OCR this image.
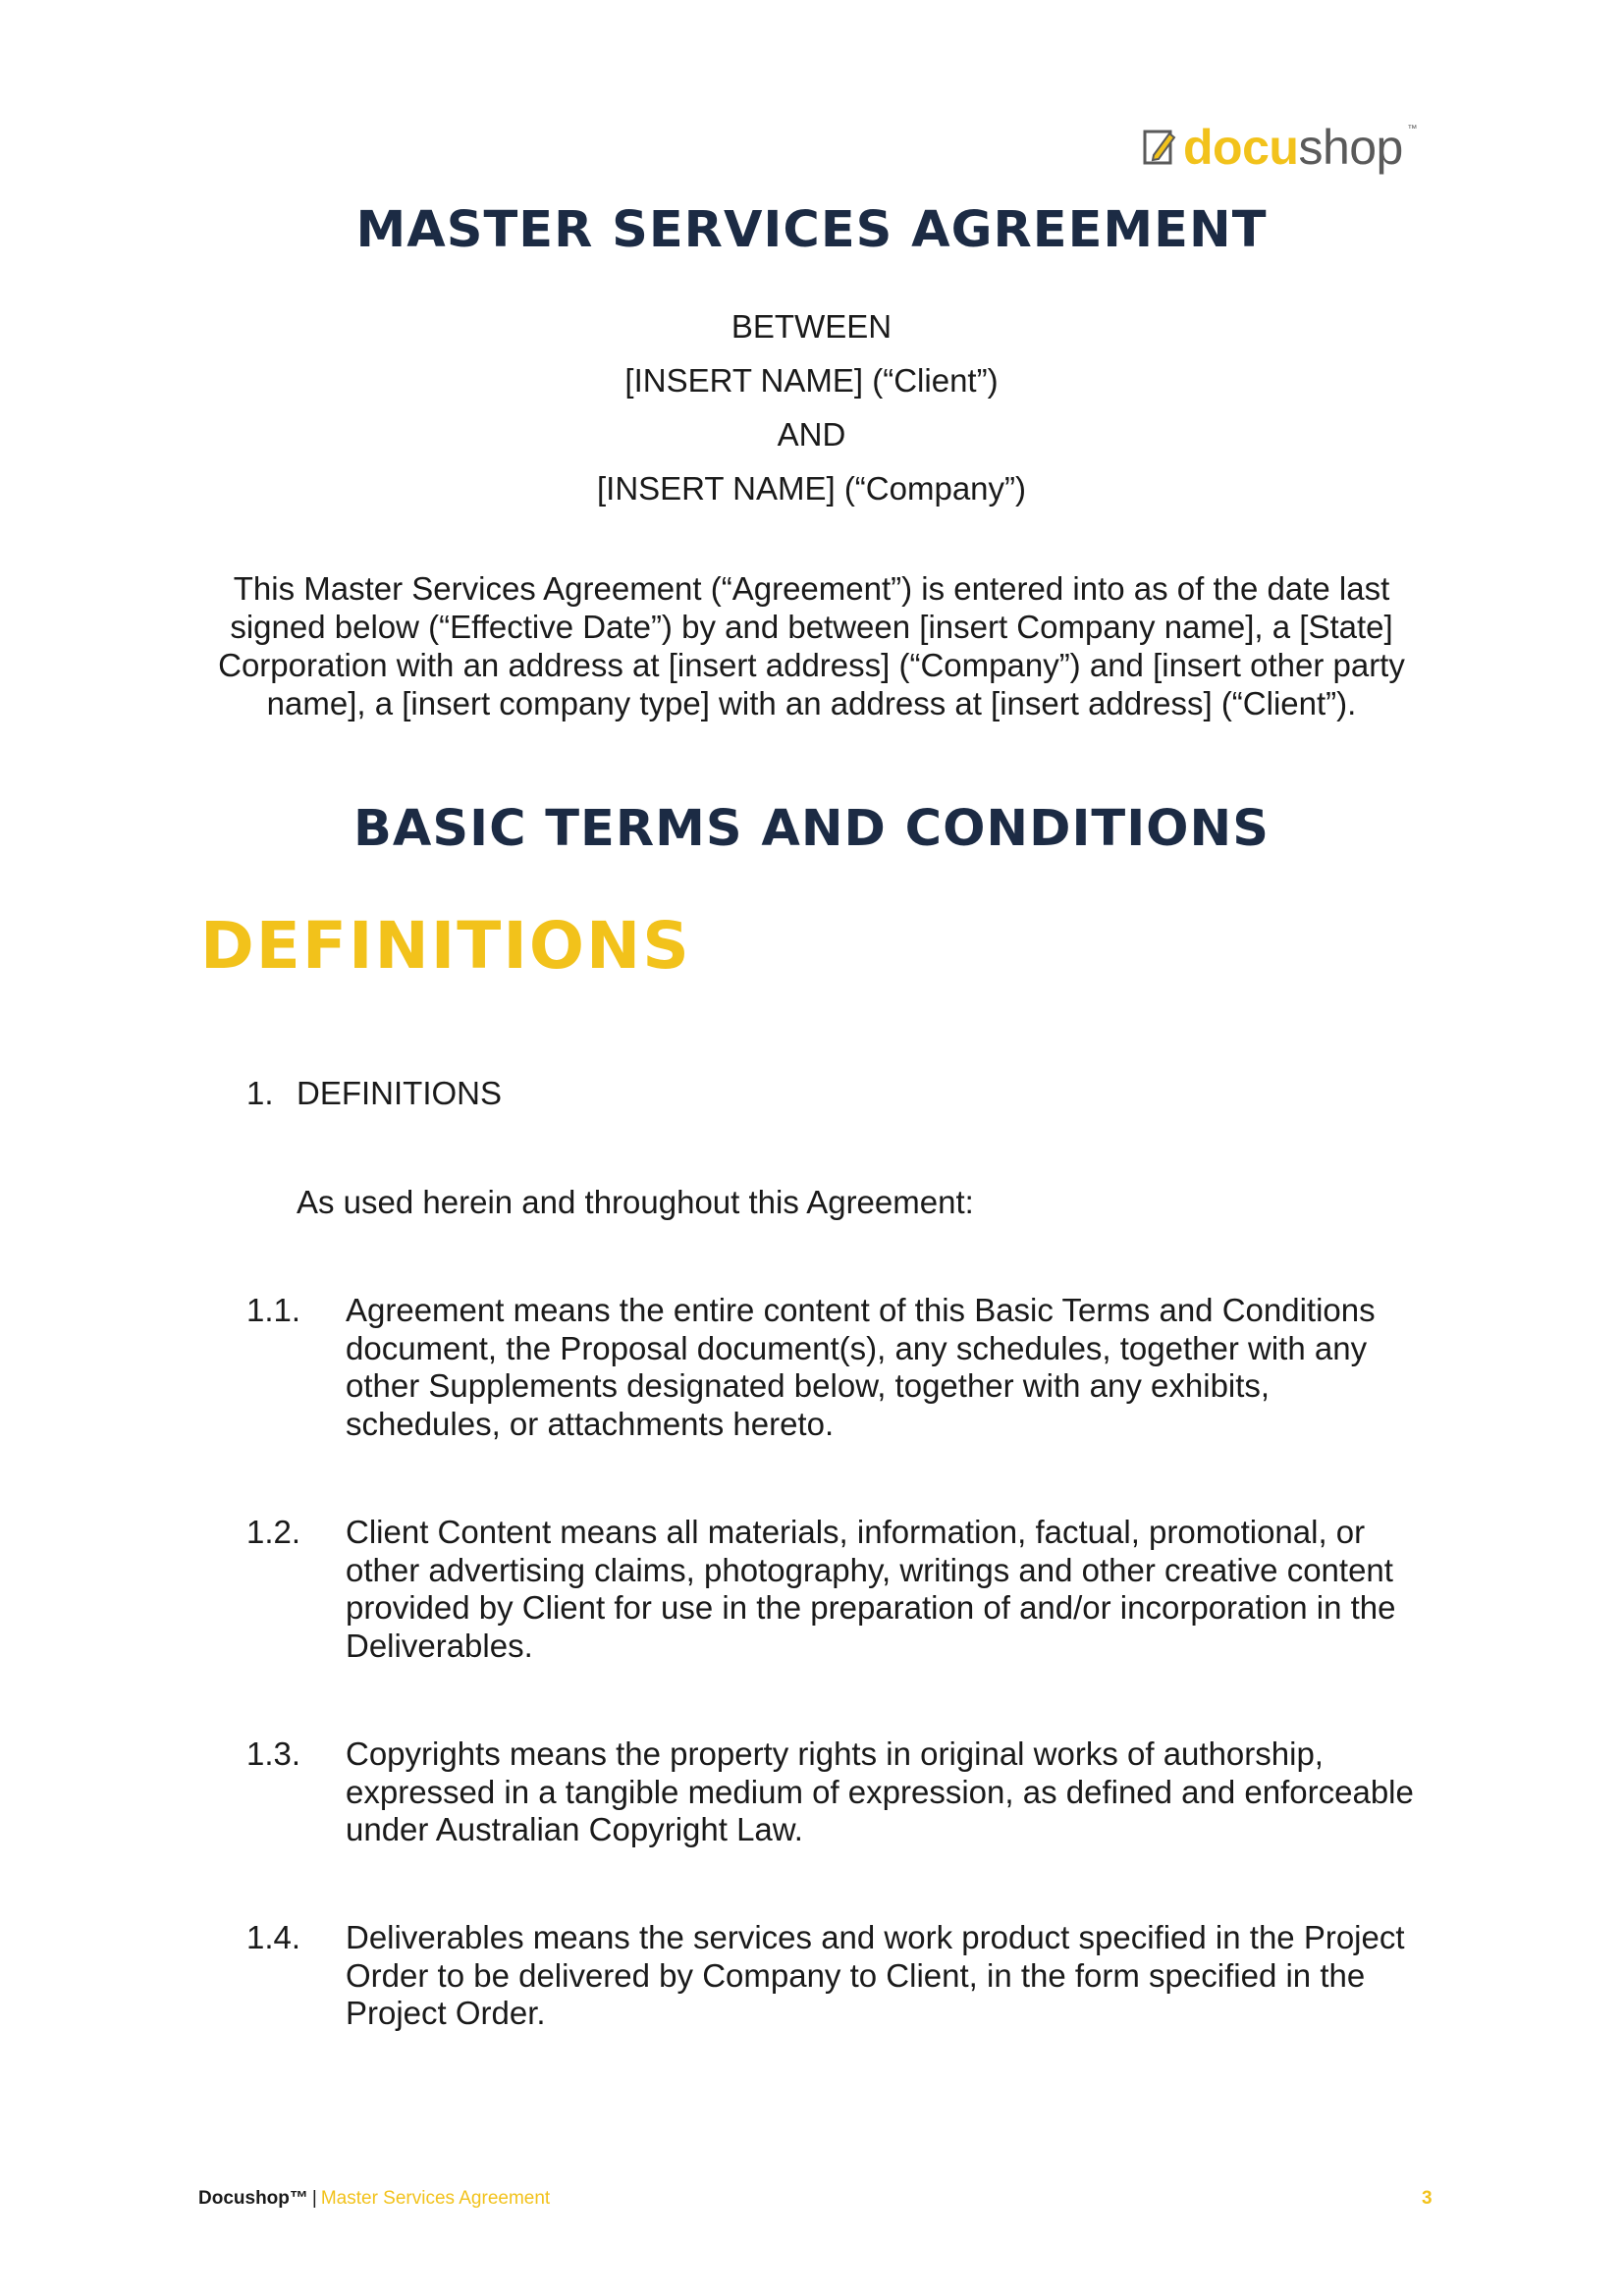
docushop ™
MASTER SERVICES AGREEMENT
BETWEEN
[INSERT NAME] (“Client”)
AND
[INSERT NAME] (“Company”)
This Master Services Agreement (“Agreement”) is entered into as of the date last signed below (“Effective Date”) by and between [insert Company name], a [State] Corporation with an address at [insert address] (“Company”) and [insert other party name], a [insert company type] with an address at [insert address] (“Client”).
BASIC TERMS AND CONDITIONS
DEFINITIONS
1. DEFINITIONS
As used herein and throughout this Agreement:
1.1. Agreement means the entire content of this Basic Terms and Conditions
document, the Proposal document(s), any schedules, together with any
other Supplements designated below, together with any exhibits,
schedules, or attachments hereto.
1.2. Client Content means all materials, information, factual, promotional, or
other advertising claims, photography, writings and other creative content
provided by Client for use in the preparation of and/or incorporation in the
Deliverables.
1.3. Copyrights means the property rights in original works of authorship,
expressed in a tangible medium of expression, as defined and enforceable
under Australian Copyright Law.
1.4. Deliverables means the services and work product specified in the Project
Order to be delivered by Company to Client, in the form specified in the
Project Order.
Docushop™ | Master Services Agreement	3
